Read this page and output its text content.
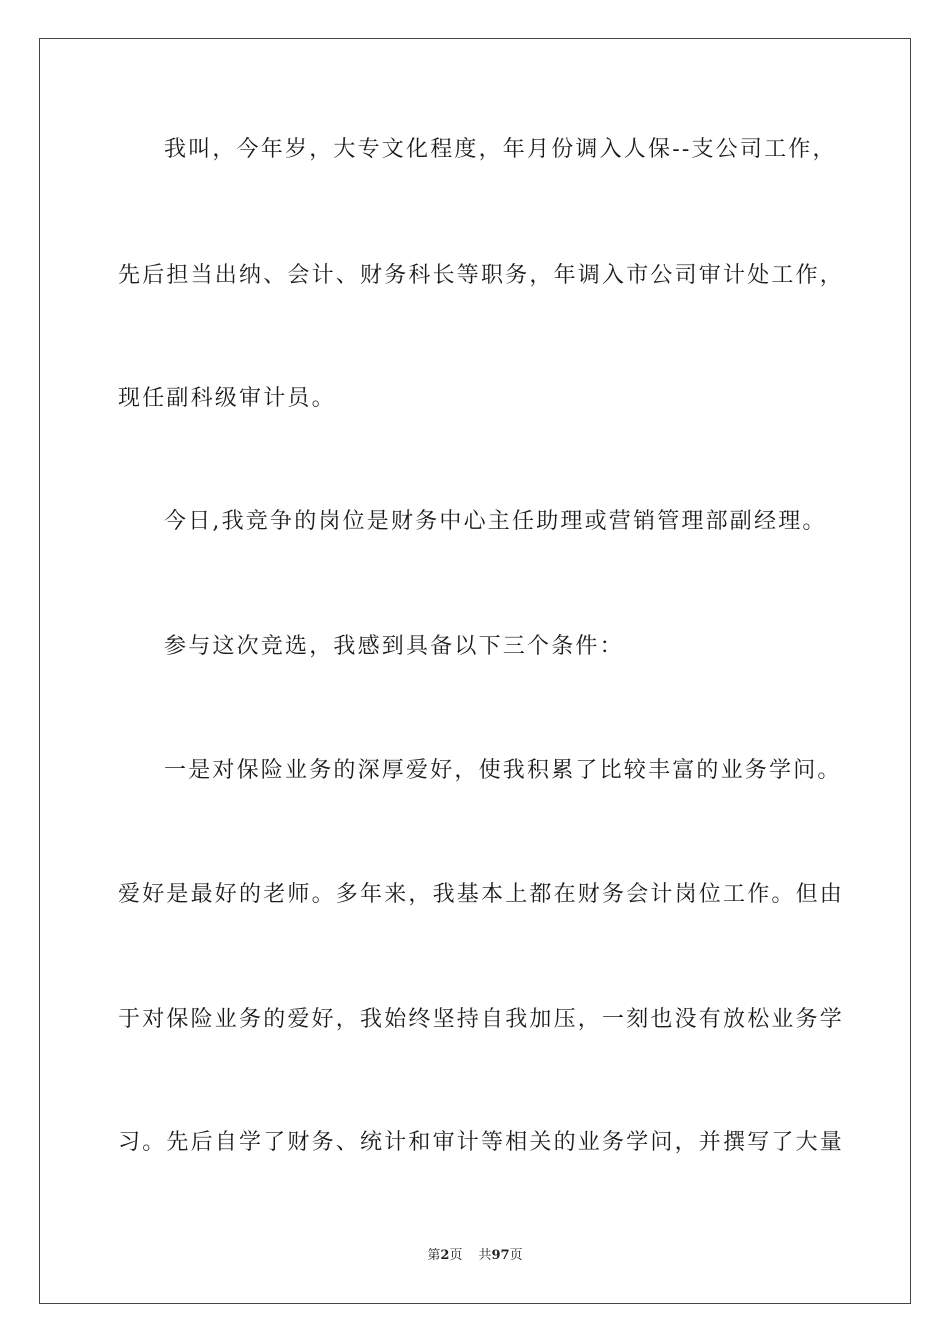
我叫，今年岁，大专文化程度，年月份调入人保--支公司工作，
先后担当出纳、会计、财务科长等职务，年调入市公司审计处工作，
现任副科级审计员。
今日,我竞争的岗位是财务中心主任助理或营销管理部副经理。
参与这次竞选，我感到具备以下三个条件：
一是对保险业务的深厚爱好，使我积累了比较丰富的业务学问。
爱好是最好的老师。多年来，我基本上都在财务会计岗位工作。但由
于对保险业务的爱好，我始终坚持自我加压，一刻也没有放松业务学
习。先后自学了财务、统计和审计等相关的业务学问，并撰写了大量
第2页 共97页
